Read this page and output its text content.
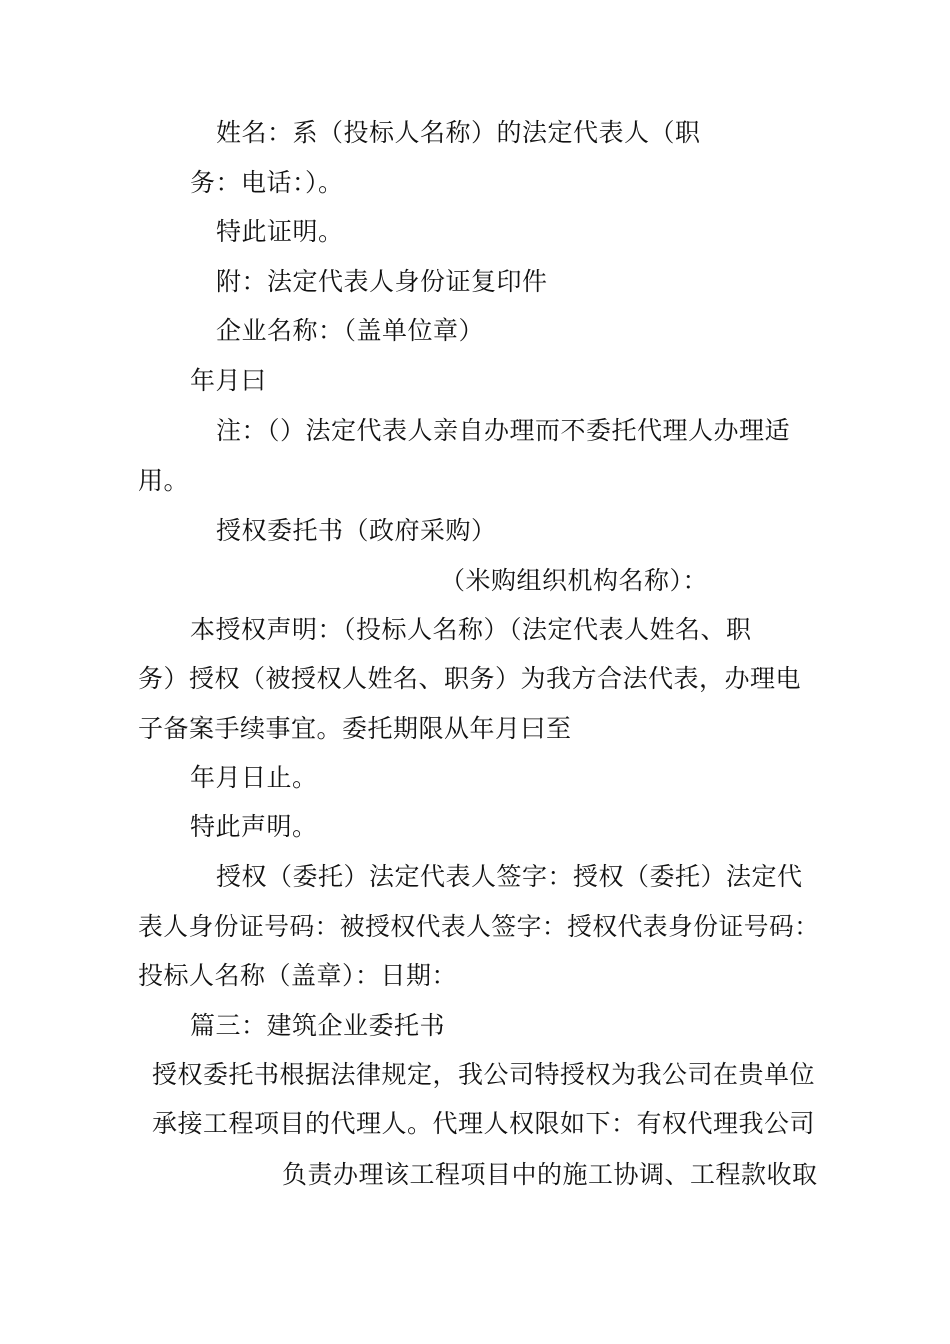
姓名：系（投标人名称）的法定代表人（职
务：电话：）。
特此证明。
附：法定代表人身份证复印件
企业名称：（盖单位章）
年月曰
注：（）法定代表人亲自办理而不委托代理人办理适
用。
授权委托书（政府采购）
（米购组织机构名称）：
本授权声明：（投标人名称）（法定代表人姓名、职
务）授权（被授权人姓名、职务）为我方合法代表，办理电
子备案手续事宜。委托期限从年月曰至
年月日止。
特此声明。
授权（委托）法定代表人签字：授权（委托）法定代
表人身份证号码：被授权代表人签字：授权代表身份证号码：
投标人名称（盖章）：日期：
篇三：建筑企业委托书
授权委托书根据法律规定，我公司特授权为我公司在贵单位
承接工程项目的代理人。代理人权限如下：有权代理我公司
负责办理该工程项目中的施工协调、工程款收取
